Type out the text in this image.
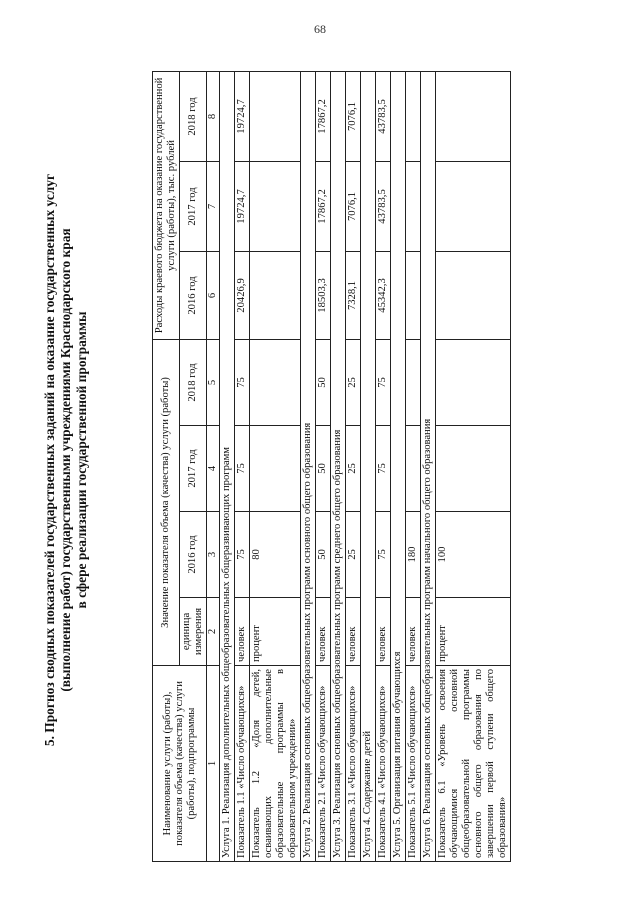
68
5. Прогноз сводных показателей государственных заданий на оказание государственных услуг (выполнение работ) государственными учреждениями Краснодарского края в сфере реализации государственной программы
Наименование услуги (работы), показателя объема (качества) услуги (работы), подпрограммы	Значение показателя объема (качества) услуги (работы)				Расходы краевого бюджета на оказание государственной услуги (работы), тыс. рублей		
	единица измерения	2016 год	2017 год	2018 год	2016 год	2017 год	2018 год
1	2	3	4	5	6	7	8
Услуга 1. Реализация дополнительных общеобразовательных общеразвивающих программ							
Показатель 1.1 «Число обучающихся»	человек	75	75	75	20426,9	19724,7	19724,7
Показатель 1.2 «Доля детей, осваивающих дополнительные образовательные программы в образовательном учреждении»	процент	80					
Услуга 2. Реализация основных общеобразовательных программ основного общего образования							
Показатель 2.1 «Число обучающихся»	человек	50	50	50	18503,3	17867,2	17867,2
Услуга 3. Реализация основных общеобразовательных программ среднего общего образования							
Показатель 3.1 «Число обучающихся»	человек	25	25	25	7328,1	7076,1	7076,1
Услуга 4. Содержание детей							
Показатель 4.1 «Число обучающихся»	человек	75	75	75	45342,3	43783,5	43783,5
Услуга 5. Организация питания обучающихся							
Показатель 5.1 «Число обучающихся»	человек	180					
Услуга 6. Реализация основных общеобразовательных программ начального общего образования							
Показатель 6.1 «Уровень освоения обучающимися основной общеобразовательной программы основного общего образования по завершении первой ступени общего образования»	процент	100					
